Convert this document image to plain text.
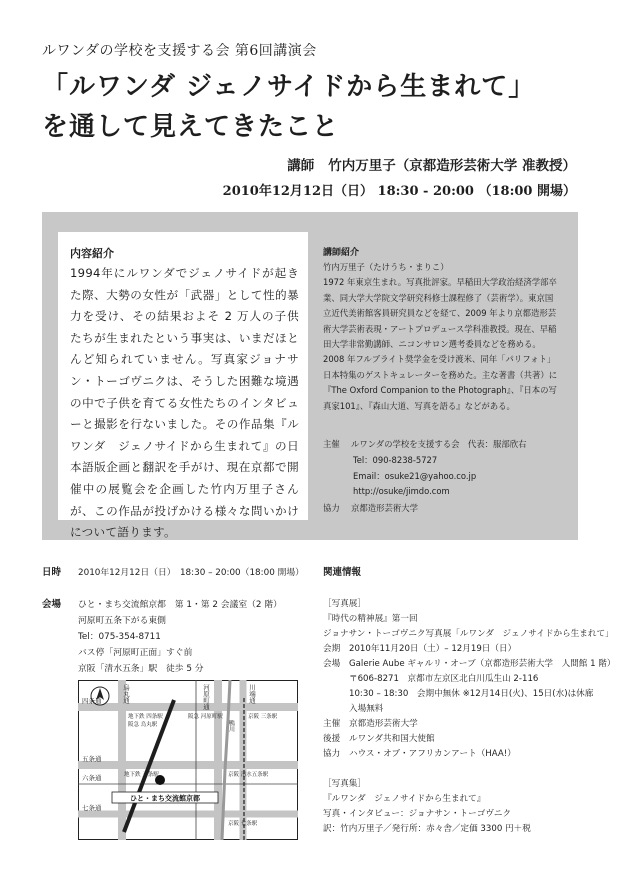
ルワンダの学校を支援する会 第6回講演会
「ルワンダ ジェノサイドから生まれて」
を通して見えてきたこと
講師 竹内万里子（京都造形芸術大学 准教授）
2010年12月12日（日） 18:30 - 20:00 （18:00 開場）
内容紹介
1994年にルワンダでジェノサイドが起きた際、大勢の女性が「武器」として性的暴力を受け、その結果およそ 2 万人の子供たちが生まれたという事実は、いまだほとんど知られていません。写真家ジョナサン・トーゴヴニクは、そうした困難な境遇の中で子供を育てる女性たちのインタビューと撮影を行ないました。その作品集『ルワンダ　ジェノサイドから生まれて』の日本語版企画と翻訳を手がけ、現在京都で開催中の展覧会を企画した竹内万里子さんが、この作品が投げかける様々な問いかけについて語ります。
講師紹介
竹内万里子（たけうち・まりこ）
1972 年東京生まれ。写真批評家。早稲田大学政治経済学部卒業、同大学大学院文学研究科修士課程修了（芸術学）。東京国立近代美術館客員研究員などを経て、2009 年より京都造形芸術大学芸術表現・アートプロデュース学科准教授。現在、早稲田大学非常勤講師、ニコンサロン選考委員などを務める。2008 年フルブライト奨学金を受け渡米、同年「パリフォト」日本特集のゲストキュレーターを務めた。主な著書（共著）に『The Oxford Companion to the Photograph』、『日本の写真家101』、『森山大道、写真を語る』などがある。
主催 ルワンダの学校を支援する会　代表：服部欣右
Tel：090-8238-5727
Email：osuke21@yahoo.co.jp
http://osuke/jimdo.com
協力 京都造形芸術大学
日時 2010年12月12日（日）　18:30 – 20:00（18:00 開場）
会場 ひと・まち交流館京都　第 1・第 2 会議室（2 階）
河原町五条下がる東側
Tel：075-354-8711
バス停「河原町正面」すぐ前
京阪「清水五条」駅　徒歩 5 分
ひと・まち交流館京都
四条通
五条通
六条通
七条通
烏丸通	河原町通	川端通
鴨川
地下鉄 四条駅
阪急 烏丸駅
阪急 河原町駅	京阪 三条駅
地下鉄 五条駅	京阪 清水五条駅
京阪 七条駅
関連情報
［写真展］
『時代の精神展』第一回
ジョナサン・トーゴヴニク写真展「ルワンダ　ジェノサイドから生まれて」
会期 2010年11月20日（土）– 12月19日（日）
会場 Galerie Aube ギャルリ・オーブ（京都造形芸術大学　人間館 1 階）
〒606-8271　京都市左京区北白川瓜生山 2-116
10:30 – 18:30　会期中無休 ※12月14日(火)、15日(水)は休廊
入場無料
主催 京都造形芸術大学
後援 ルワンダ共和国大使館
協力 ハウス・オブ・アフリカンアート（HAA!）
［写真集］
『ルワンダ　ジェノサイドから生まれて』
写真・インタビュー：ジョナサン・トーゴヴニク
訳：竹内万里子／発行所：赤々舎／定価 3300 円＋税
